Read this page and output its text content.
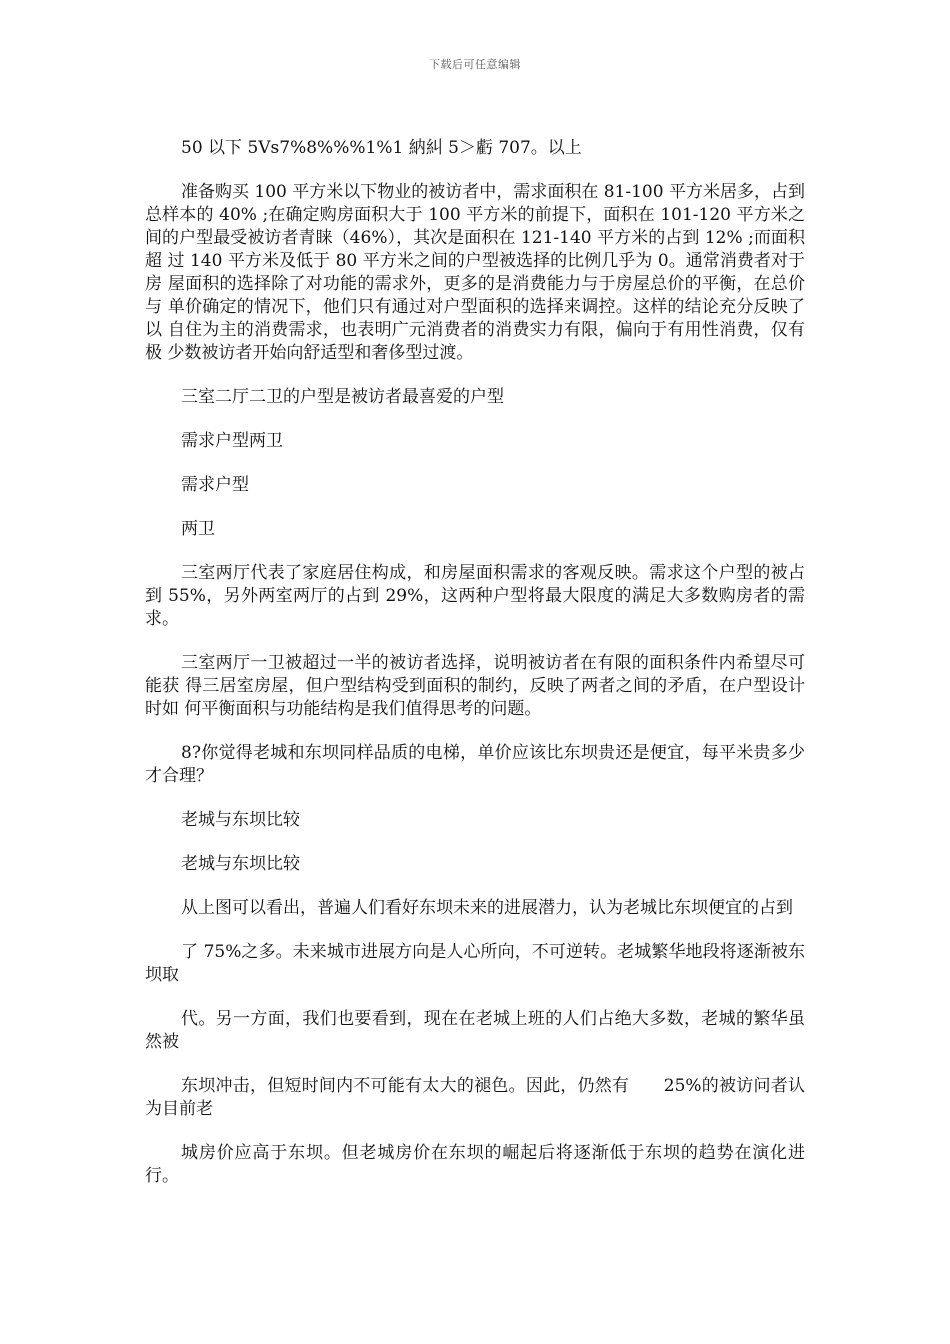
下载后可任意编辑

50 以下 5Vs7%8%%%1%1 納糾 5＞虧 707。以上

准备购买 100 平方米以下物业的被访者中，需求面积在 81-100 平方米居多，占到 总样本的 40% ;在确定购房面积大于 100 平方米的前提下，面积在 101-120 平方米之 间的户型最受被访者青睐（46%），其次是面积在 121-140 平方米的占到 12% ;而面积超 过 140 平方米及低于 80 平方米之间的户型被选择的比例几乎为 0。通常消费者对于房 屋面积的选择除了对功能的需求外，更多的是消费能力与于房屋总价的平衡，在总价与 单价确定的情况下，他们只有通过对户型面积的选择来调控。这样的结论充分反映了以 自住为主的消费需求，也表明广元消费者的消费实力有限，偏向于有用性消费，仅有极 少数被访者开始向舒适型和奢侈型过渡。

三室二厅二卫的户型是被访者最喜爱的户型

需求户型两卫

需求户型

两卫

三室两厅代表了家庭居住构成，和房屋面积需求的客观反映。需求这个户型的被占 到 55%，另外两室两厅的占到 29%，这两种户型将最大限度的满足大多数购房者的需求。

三室两厅一卫被超过一半的被访者选择，说明被访者在有限的面积条件内希望尽可能获 得三居室房屋，但户型结构受到面积的制约，反映了两者之间的矛盾，在户型设计时如 何平衡面积与功能结构是我们值得思考的问题。

8?你觉得老城和东坝同样品质的电梯，单价应该比东坝贵还是便宜，每平米贵多少 才合理？

老城与东坝比较

老城与东坝比较

从上图可以看出，普遍人们看好东坝未来的进展潜力，认为老城比东坝便宜的占到

了 75%之多。未来城市进展方向是人心所向，不可逆转。老城繁华地段将逐渐被东坝取

代。另一方面，我们也要看到，现在在老城上班的人们占绝大多数，老城的繁华虽然被

东坝冲击，但短时间内不可能有太大的褪色。因此，仍然有　　25%的被访问者认为目前老

城房价应高于东坝。但老城房价在东坝的崛起后将逐渐低于东坝的趋势在演化进行。
